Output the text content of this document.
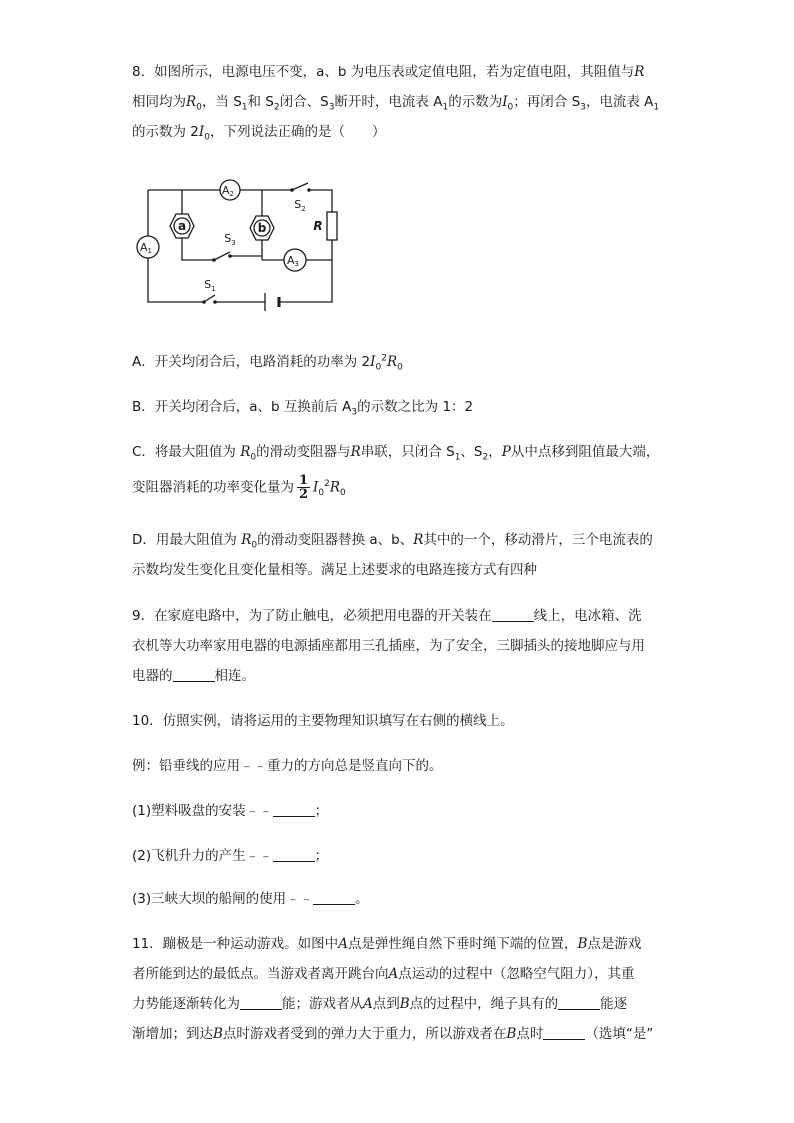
8．如图所示，电源电压不变，a、b 为电压表或定值电阻，若为定值电阻，其阻值与R
相同均为$R_0$，当 $S_1$和 $S_2$闭合、$S_3$断开时，电流表 $A_1$的示数为$I_0$；再闭合 $S_3$，电流表 $A_1$
的示数为 $2I_0$，下列说法正确的是（　　）
A1
A2
A3
a	b
$S_2$
$S_3$
$S_1$
R
A．开关均闭合后，电路消耗的功率为 $2I_0^2R_0$
B．开关均闭合后，a、b 互换前后 $A_3$的示数之比为 1：2
C．将最大阻值为 $R_0$的滑动变阻器与R串联，只闭合 $S_1$、$S_2$，P从中点移到阻值最大端，
变阻器消耗的功率变化量为 $\frac{1}{2} I_0^2R_0$
D．用最大阻值为 $R_0$的滑动变阻器替换 a、b、R其中的一个，移动滑片，三个电流表的
示数均发生变化且变化量相等。满足上述要求的电路连接方式有四种
9．在家庭电路中，为了防止触电，必须把用电器的开关装在	线上，电冰箱、洗
衣机等大功率家用电器的电源插座都用三孔插座，为了安全，三脚插头的接地脚应与用
电器的	相连。
10．仿照实例，请将运用的主要物理知识填写在右侧的横线上。
例：铅垂线的应用﹣﹣重力的方向总是竖直向下的。
(1)塑料吸盘的安装﹣﹣	；
(2)飞机升力的产生﹣﹣	；
(3)三峡大坝的船闸的使用﹣﹣	。
11．蹦极是一种运动游戏。如图中A点是弹性绳自然下垂时绳下端的位置，B点是游戏
者所能到达的最低点。当游戏者离开跳台向A点运动的过程中（忽略空气阻力），其重
力势能逐渐转化为	能；游戏者从A点到B点的过程中，绳子具有的	能逐
渐增加；到达B点时游戏者受到的弹力大于重力，所以游戏者在B点时	（选填“是”
